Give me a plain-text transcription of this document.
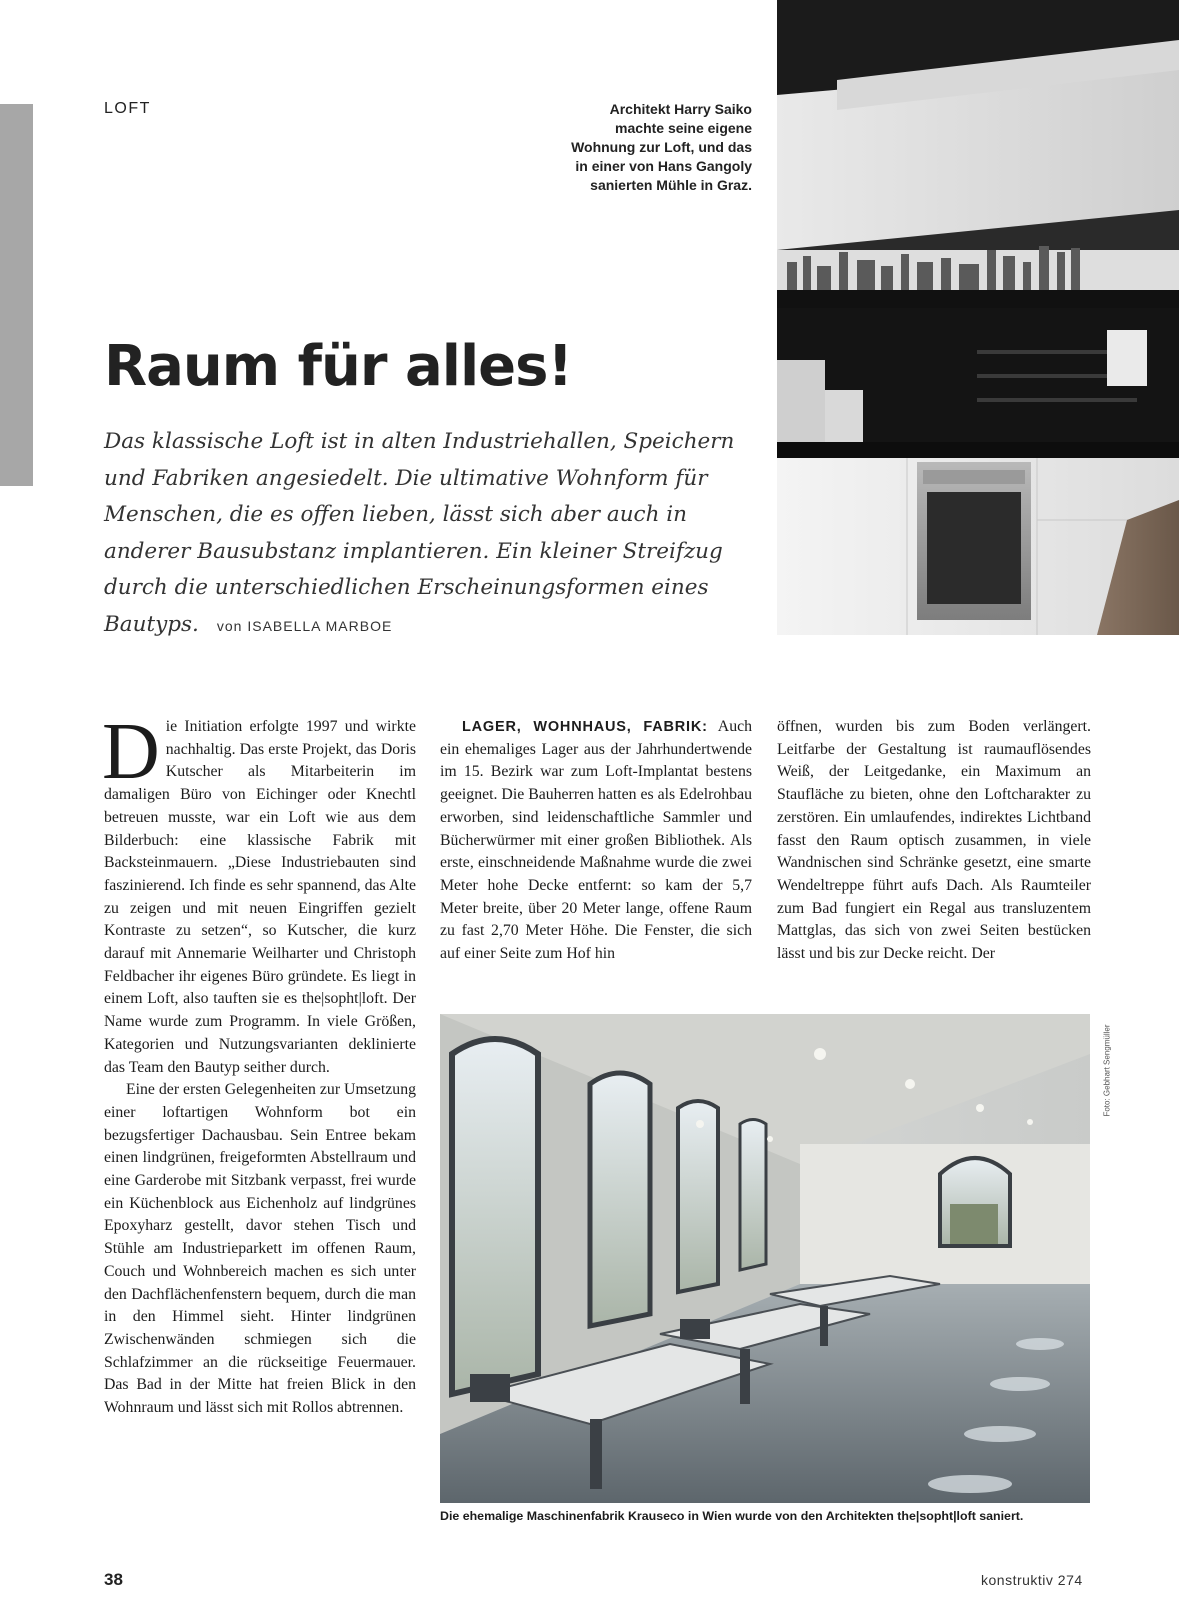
LOFT	Architekt Harry Saiko machte seine eigene Wohnung zur Loft, und das in einer von Hans Gangoly sanierten Mühle in Graz.
Raum für alles!

Das klassische Loft ist in alten Industriehallen, Speichern und Fabriken angesiedelt. Die ultimative Wohnform für Menschen, die es offen lieben, lässt sich aber auch in anderer Bausubstanz implantieren. Ein kleiner Streifzug durch die unterschiedlichen Erscheinungsformen eines Bautyps. von ISABELLA MARBOE

Die Initiation erfolgte 1997 und wirkte nachhaltig. Das erste Projekt, das Doris Kutscher als Mitarbeiterin im damaligen Büro von Eichinger oder Knechtl betreuen musste, war ein Loft wie aus dem Bilderbuch: eine klassische Fabrik mit Backsteinmauern. „Diese Industriebauten sind faszinierend. Ich finde es sehr spannend, das Alte zu zeigen und mit neuen Eingriffen gezielt Kontraste zu setzen“, so Kutscher, die kurz darauf mit Annemarie Weilharter und Christoph Feldbacher ihr eigenes Büro gründete. Es liegt in einem Loft, also tauften sie es the|sopht|loft. Der Name wurde zum Programm. In viele Größen, Kategorien und Nutzungsvarianten deklinierte das Team den Bautyp seither durch.

Eine der ersten Gelegenheiten zur Umsetzung einer loftartigen Wohnform bot ein bezugsfertiger Dachausbau. Sein Entree bekam einen lindgrünen, freigeformten Abstellraum und eine Garderobe mit Sitzbank verpasst, frei wurde ein Küchenblock aus Eichenholz auf lindgrünes Epoxyharz gestellt, davor stehen Tisch und Stühle am Industrieparkett im offenen Raum, Couch und Wohnbereich machen es sich unter den Dachflächenfenstern bequem, durch die man in den Himmel sieht. Hinter lindgrünen Zwischenwänden schmiegen sich die Schlafzimmer an die rückseitige Feuermauer. Das Bad in der Mitte hat freien Blick in den Wohnraum und lässt sich mit Rollos abtrennen.

LAGER, WOHNHAUS, FABRIK: Auch ein ehemaliges Lager aus der Jahrhundertwende im 15. Bezirk war zum Loft-Implantat bestens geeignet. Die Bauherren hatten es als Edelrohbau erworben, sind leidenschaftliche Sammler und Bücherwürmer mit einer großen Bibliothek. Als erste, einschneidende Maßnahme wurde die zwei Meter hohe Decke entfernt: so kam der 5,7 Meter breite, über 20 Meter lange, offene Raum zu fast 2,70 Meter Höhe. Die Fenster, die sich auf einer Seite zum Hof hin

öffnen, wurden bis zum Boden verlängert. Leitfarbe der Gestaltung ist raumauflösendes Weiß, der Leitgedanke, ein Maximum an Staufläche zu bieten, ohne den Loftcharakter zu zerstören. Ein umlaufendes, indirektes Lichtband fasst den Raum optisch zusammen, in viele Wandnischen sind Schränke gesetzt, eine smarte Wendeltreppe führt aufs Dach. Als Raumteiler zum Bad fungiert ein Regal aus transluzentem Mattglas, das sich von zwei Seiten bestücken lässt und bis zur Decke reicht. Der

Foto: Gebhart Sengmüller
Die ehemalige Maschinenfabrik Krauseco in Wien wurde von den Architekten the|sopht|loft saniert.
38	konstruktiv 274
